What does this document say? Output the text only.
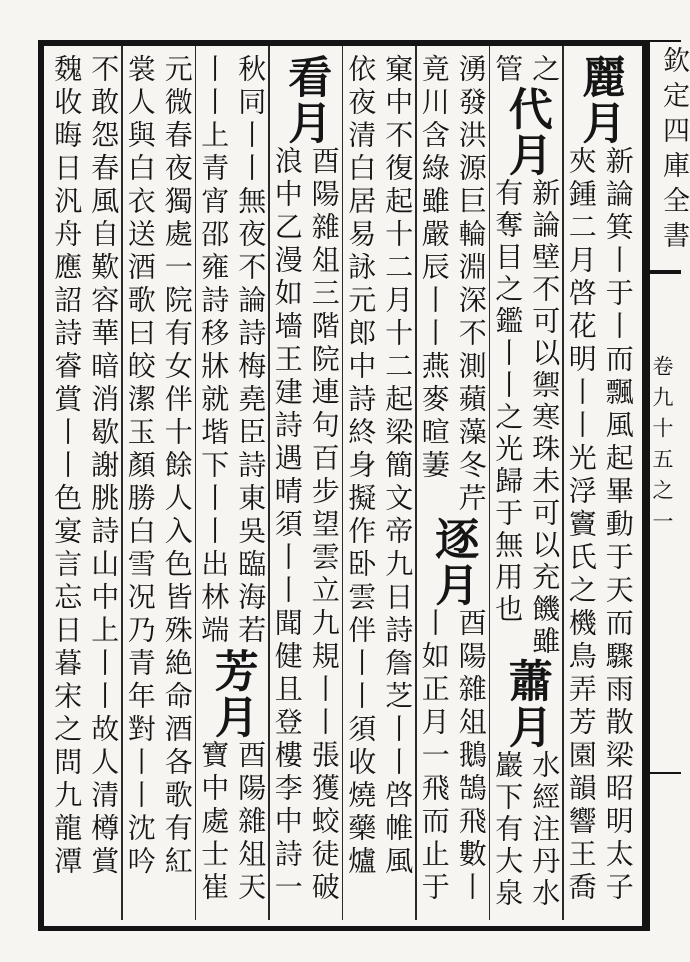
麗月
新論箕丨于丨而飄風起畢動于天而驟雨散梁昭明太子
夾鍾二月啓花明丨丨光浮竇氏之機鳥弄芳園韻響王喬
之
管
代月
新論壁不可以禦寒珠未可以充饑雖
有奪目之鑑丨丨之光歸于無用也
蕭月
水經注丹水
巖下有大泉
湧發洪源巨輪淵深不測蘋藻冬芹
竟川含綠雖嚴辰丨丨燕麥暄萋
逐月
酉陽雜俎鵝鵠飛數丨
丨如正月一飛而止于
窠中不復起十二月十二起梁簡文帝九日詩詹芝丨丨啓帷風
依夜清白居易詠元郎中詩終身擬作卧雲伴丨丨須收燒藥爐
看月
酉陽雜俎三階院連句百步望雲立九規丨丨張獲蛟徒破
浪中乙漫如墻王建詩遇晴須丨丨聞健且登樓李中詩一
秋同丨丨無夜不論詩梅堯臣詩東吳臨海若
丨丨上青宵邵雍詩移牀就堦下丨丨出林端
芳月
酉陽雜俎天
寶中處士崔
元微春夜獨處一院有女伴十餘人入色皆殊絶命酒各歌有紅
裳人與白衣送酒歌曰皎潔玉顏勝白雪况乃青年對丨丨沈吟
不敢怨春風自歎容華暗消歇謝朓詩山中上丨丨故人清樽賞
魏收晦日汎舟應詔詩睿賞丨丨色宴言忘日暮宋之問九龍潭	欽定四庫全書
卷九十五之一
